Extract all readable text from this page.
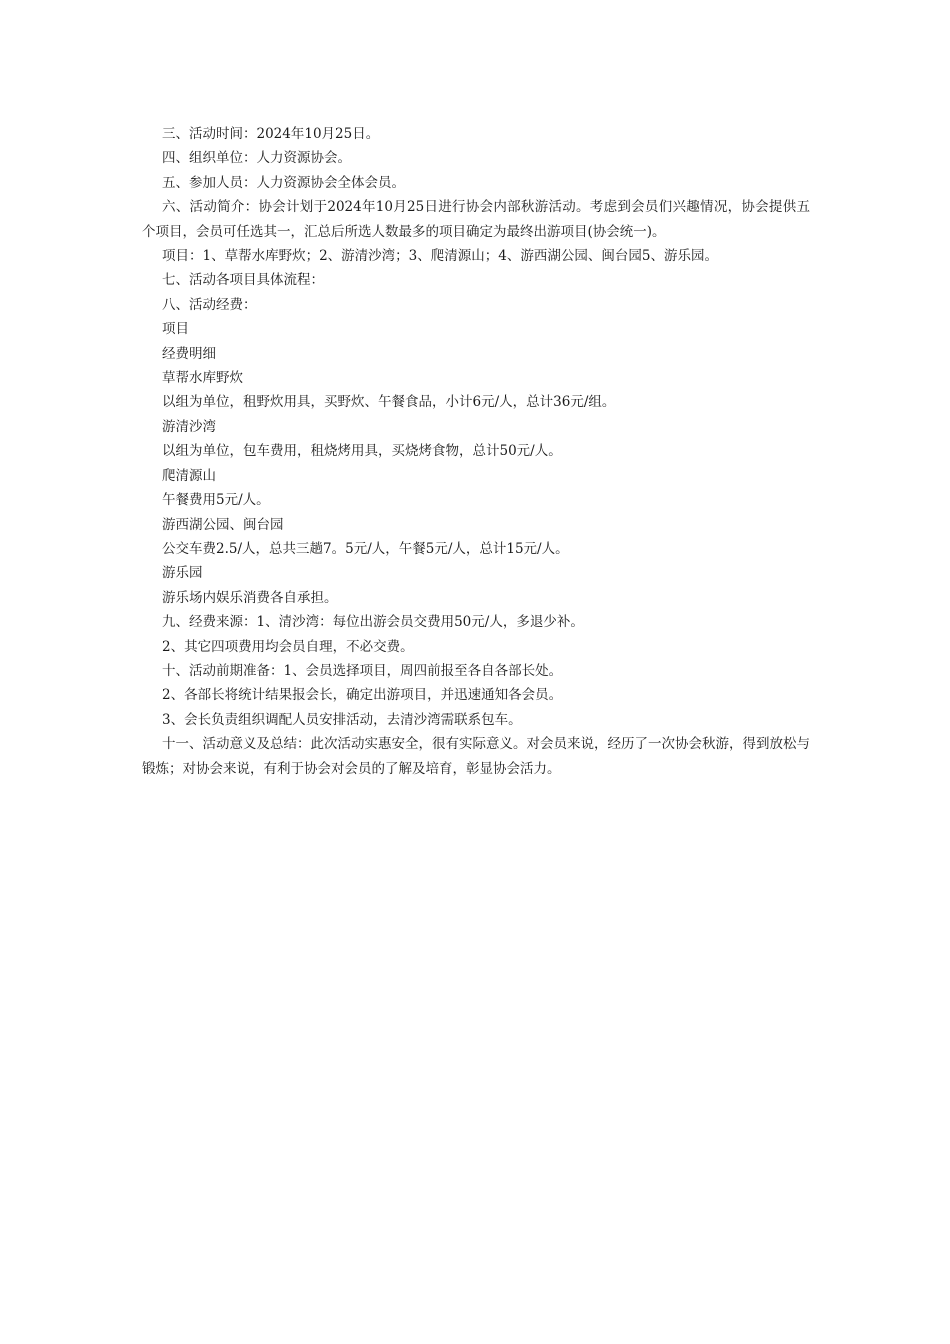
三、活动时间：2024年10月25日。

四、组织单位：人力资源协会。

五、参加人员：人力资源协会全体会员。

六、活动简介：协会计划于2024年10月25日进行协会内部秋游活动。考虑到会员们兴趣情况，协会提供五个项目，会员可任选其一，汇总后所选人数最多的项目确定为最终出游项目(协会统一)。

项目：1、草帮水库野炊；2、游清沙湾；3、爬清源山；4、游西湖公园、闽台园5、游乐园。

七、活动各项目具体流程：

八、活动经费：

项目

经费明细

草帮水库野炊

以组为单位，租野炊用具，买野炊、午餐食品，小计6元/人，总计36元/组。

游清沙湾

以组为单位，包车费用，租烧烤用具，买烧烤食物，总计50元/人。

爬清源山

午餐费用5元/人。

游西湖公园、闽台园

公交车费2.5/人，总共三趟7。5元/人，午餐5元/人，总计15元/人。

游乐园

游乐场内娱乐消费各自承担。

九、经费来源：1、清沙湾：每位出游会员交费用50元/人，多退少补。

2、其它四项费用均会员自理，不必交费。

十、活动前期准备：1、会员选择项目，周四前报至各自各部长处。

2、各部长将统计结果报会长，确定出游项目，并迅速通知各会员。

3、会长负责组织调配人员安排活动，去清沙湾需联系包车。

十一、活动意义及总结：此次活动实惠安全，很有实际意义。对会员来说，经历了一次协会秋游，得到放松与锻炼；对协会来说，有利于协会对会员的了解及培育，彰显协会活力。
